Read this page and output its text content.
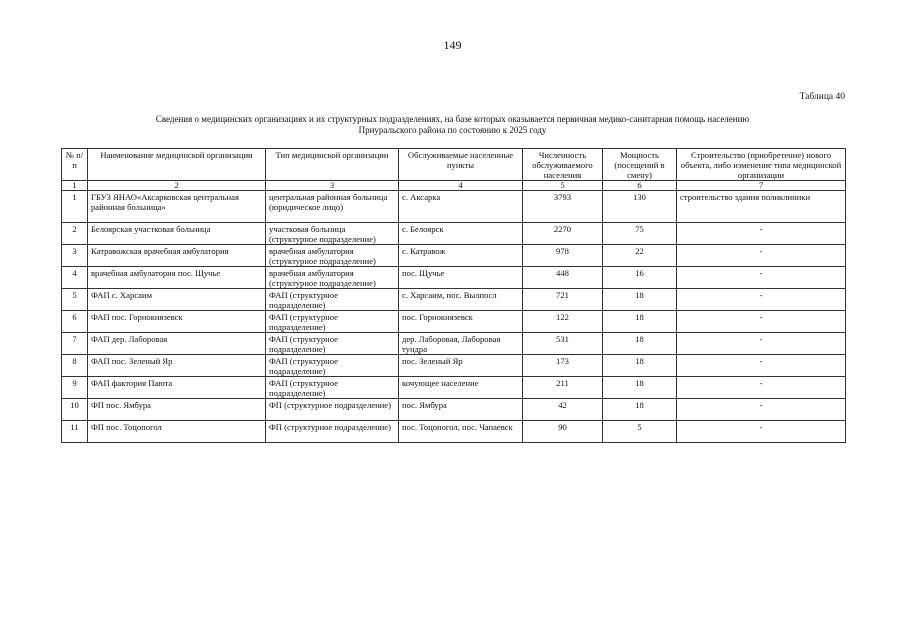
149
Таблица 40
Сведения о медицинских организациях и их структурных подразделениях, на базе которых оказывается первичная медико-санитарная помощь населению
Приуральского района по состоянию к 2025 году
№ п/п	Наименование медицинской организации	Тип медицинской организации	Обслуживаемые населенные пункты	Численность обслуживаемого населения	Мощность (посещений в смену)	Строительство (приобретение) нового объекта, либо изменение типа медицинской организации
1	2	3	4	5	6	7
1	ГБУЗ ЯНАО«Аксарковская центральная районная больница»	центральная районная больница (юридическое лицо)	с. Аксарка	3793	130	строительство здания поликлиники
2	Белоярская участковая больница	участковая больница (структурное подразделение)	с. Белоярск	2270	75	-
3	Катравожская врачебная амбулатория	врачебная амбулатория (структурное подразделение)	с. Катравож	978	22	-
4	врачебная амбулатория пос. Щучье	врачебная амбулатория (структурное подразделение)	пос. Щучье	448	16	-
5	ФАП с. Харсаим	ФАП (структурное подразделение)	с. Харсаим, пос. Вылпосл	721	18	-
6	ФАП пос. Горнокнязевск	ФАП (структурное подразделение)	пос. Горнокнязевск	122	18	-
7	ФАП дер. Лаборовая	ФАП (структурное подразделение)	дер. Лаборовая, Лаборовая тундра	531	18	-
8	ФАП пос. Зеленый Яр	ФАП (структурное подразделение)	пос. Зеленый Яр	173	18	-
9	ФАП фактория Паюта	ФАП (структурное подразделение)	кочующее население	211	18	-
10	ФП пос. Ямбура	ФП (структурное подразделение)	пос. Ямбура	42	18	-
11	ФП пос. Тоцопогол	ФП (структурное подразделение)	пос. Тоцопогол, пос. Чапаевск	90	5	-
